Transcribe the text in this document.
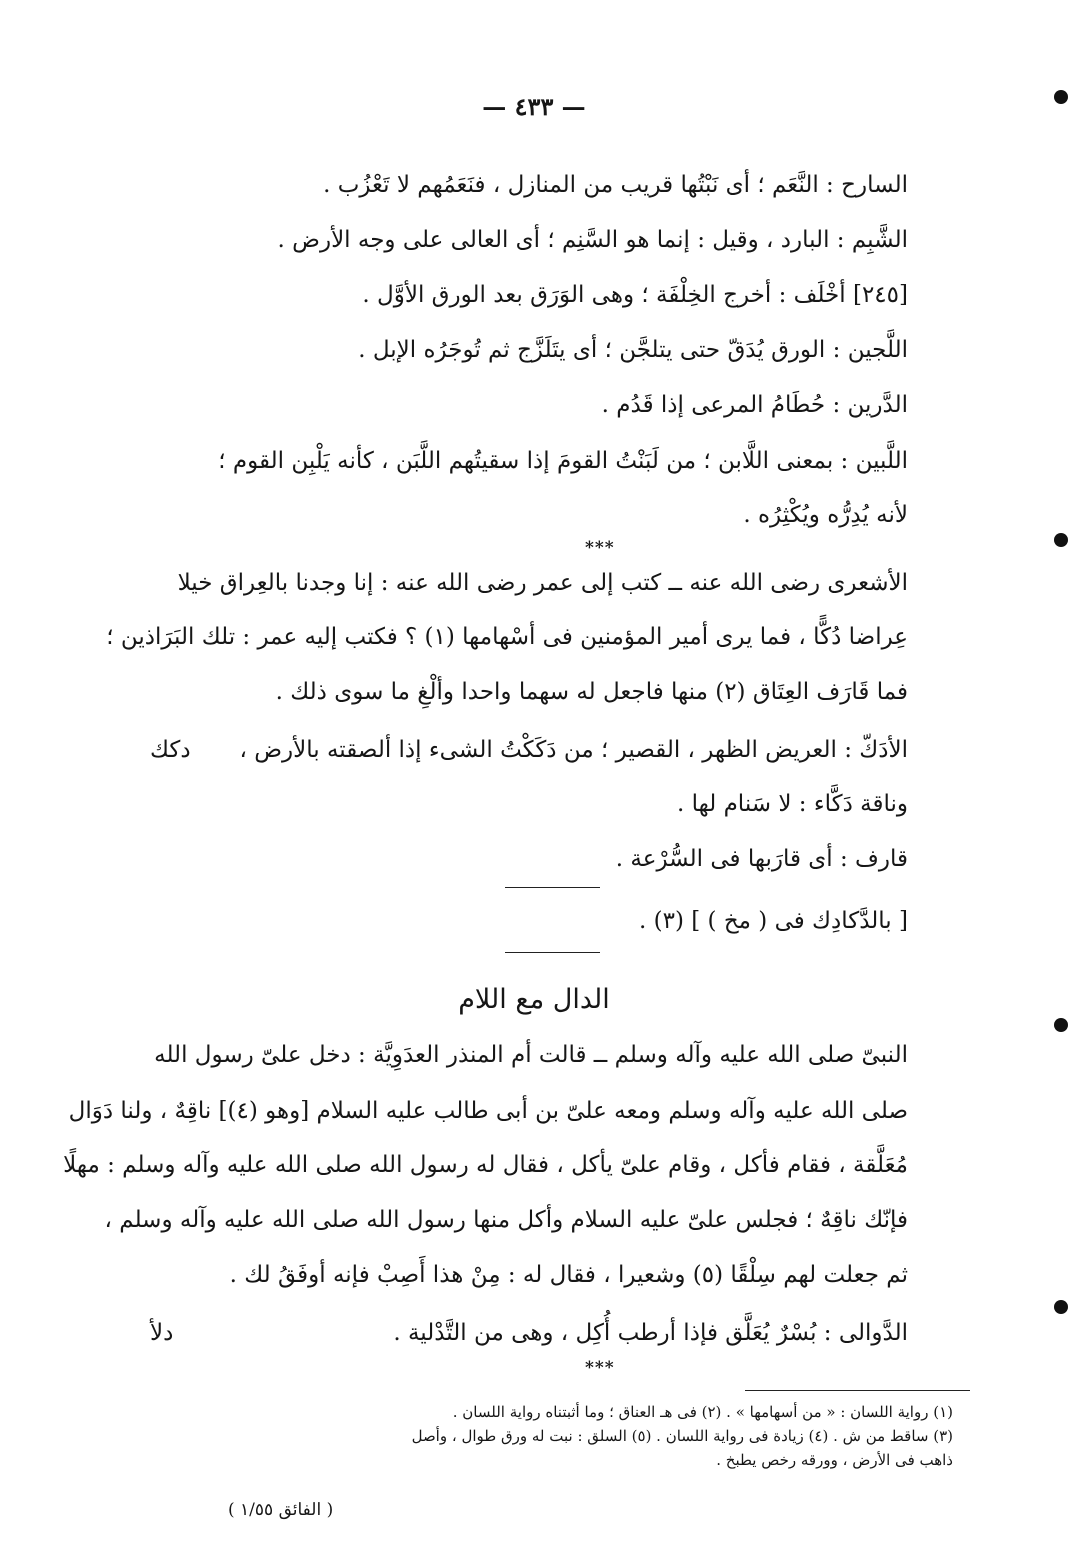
— ٤٣٣ —
السارح : النَّعَم ؛ أى نَبْتُها قريب من المنازل ، فنَعَمُهم لا تَعْزُب .
الشَّبِم : البارد ، وقيل : إنما هو السَّنِم ؛ أى العالى على وجه الأرض .
[٢٤٥] أخْلَف : أخرج الخِلْفَة ؛ وهى الوَرَق بعد الورق الأوَّل .
اللَّجين : الورق يُدَقّ حتى يتلجَّن ؛ أى يتَلَزَّج ثم تُوجَرُه الإبل .
الدَّرين : حُطَامُ المرعى إذا قَدُم .
اللَّبين : بمعنى اللَّابن ؛ من لَبَنْتُ القومَ إذا سقيتُهم اللَّبَن ، كأنه يَلْبِن القوم ؛
لأنه يُدِرُّه ويُكْثِرُه .
***
الأشعرى رضى الله عنه ــ كتب إلى عمر رضى الله عنه : إنا وجدنا بالعِراق خيلا
عِراضا دُكًّا ، فما يرى أمير المؤمنين فى أسْهامها (١) ؟ فكتب إليه عمر : تلك البَرَاذين ؛
فما قَارَف العِتَاق (٢) منها فاجعل له سهما واحدا وألْغِ ما سوى ذلك .
الأدَكّ : العريض الظهر ، القصير ؛ من دَكَكْتُ الشىء إذا ألصقته بالأرض ،
دكك
وناقة دَكَّاء : لا سَنام لها .
قارف : أى قارَبها فى السُّرْعة .
[ بالدَّكادِك فى ( مخ ) ] (٣) .
الدال مع اللام
النبىّ صلى الله عليه وآله وسلم ــ قالت أم المنذر العدَوِيَّة : دخل علىّ رسول الله
صلى الله عليه وآله وسلم ومعه علىّ بن أبى طالب عليه السلام [وهو (٤)] ناقِهٌ ، ولنا دَوَال
مُعَلَّقة ، فقام فأكل ، وقام علىّ يأكل ، فقال له رسول الله صلى الله عليه وآله وسلم : مهلًا
فإنّك ناقِهٌ ؛ فجلس علىّ عليه السلام وأكل منها رسول الله صلى الله عليه وآله وسلم ،
ثم جعلت لهم سِلْقًا (٥) وشعيرا ، فقال له : مِنْ هذا أَصِبْ فإنه أوفَقُ لك .
الدَّوالى : بُسْرٌ يُعَلَّق فإذا أرطب أُكِل ، وهى من التَّدْلية .
دلأ
***
(١) رواية اللسان : « من أسهامها » . (٢) فى هـ العناق ؛ وما أثبتناه رواية اللسان .
(٣) ساقط من ش . (٤) زيادة فى رواية اللسان . (٥) السلق : نبت له ورق طوال ، وأصل
ذاهب فى الأرض ، وورقه رخص يطبخ .
( الفائق ١/٥٥ )
